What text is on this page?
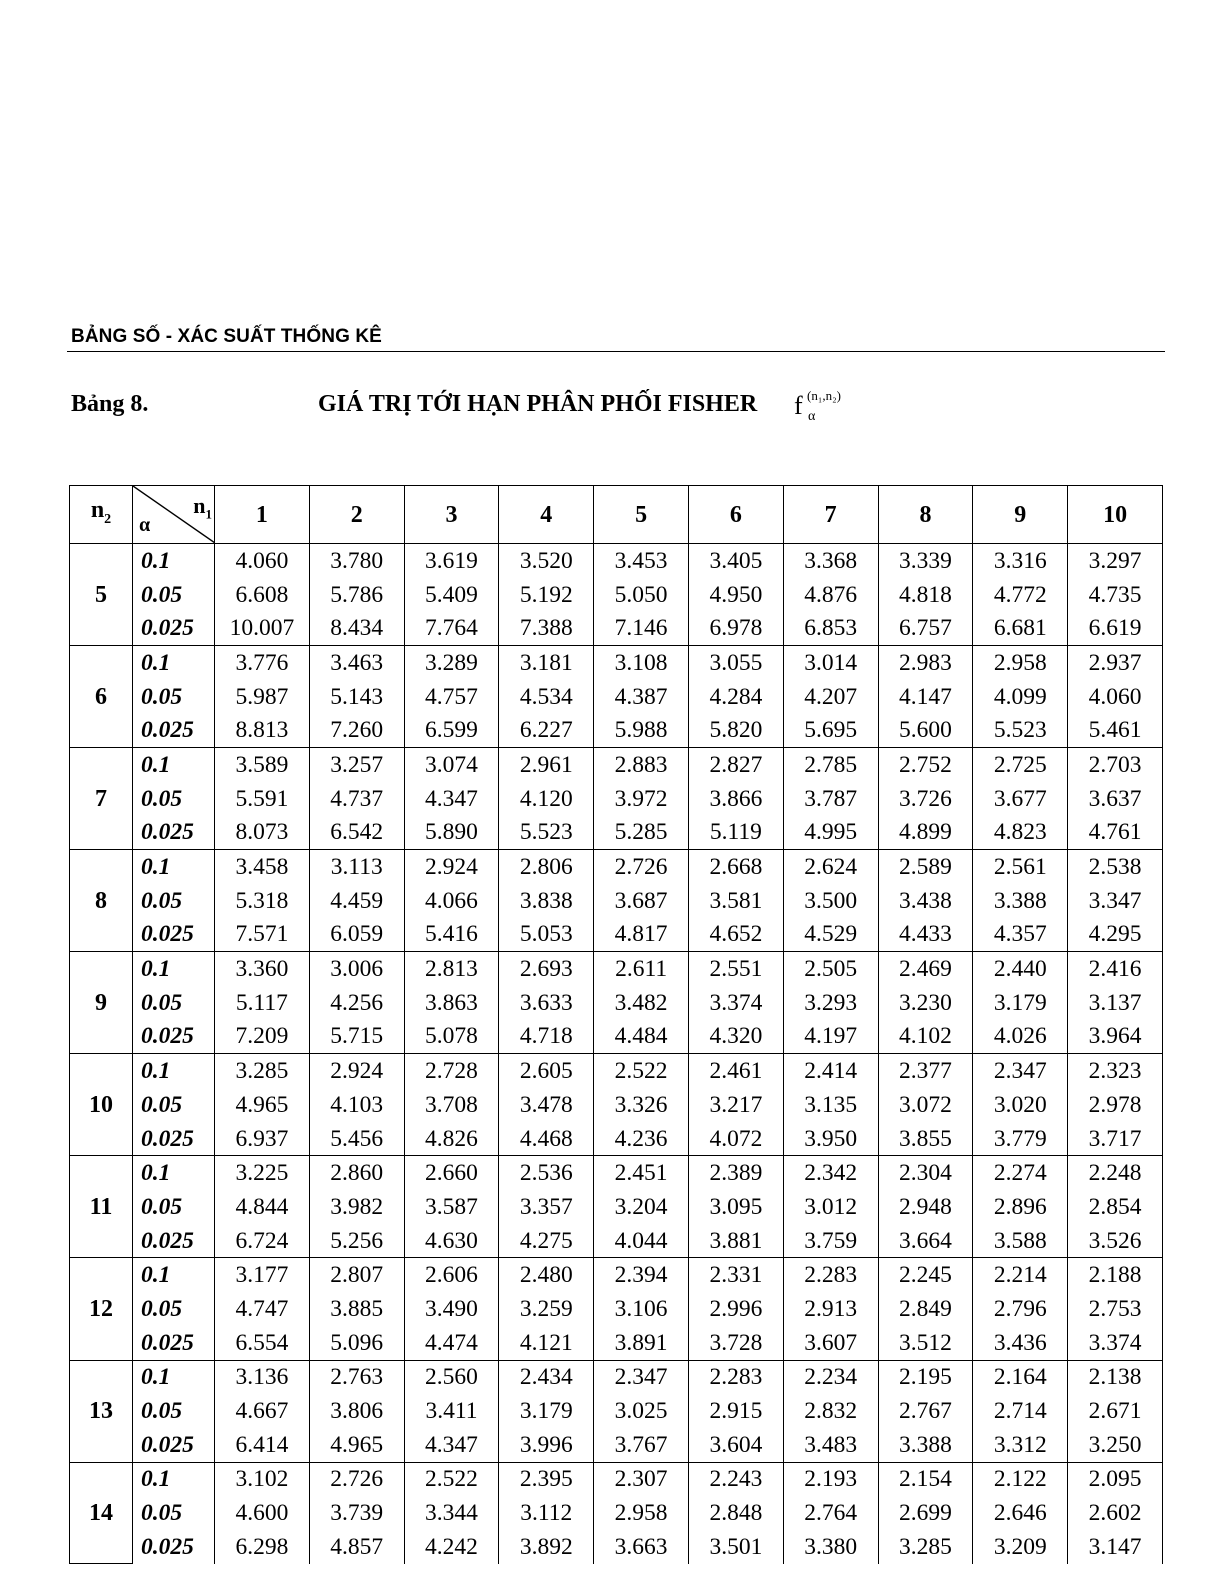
BẢNG SỐ - XÁC SUẤT THỐNG KÊ
Bảng 8.	GIÁ TRỊ TỚI HẠN PHÂN PHỐI FISHER f (n₁,n₂)
α
$n_2$	$n_1$
α	1	2	3	4	5	6	7	8	9	10
5	0.1	4.060	3.780	3.619	3.520	3.453	3.405	3.368	3.339	3.316	3.297
	0.05	6.608	5.786	5.409	5.192	5.050	4.950	4.876	4.818	4.772	4.735
	0.025	10.007	8.434	7.764	7.388	7.146	6.978	6.853	6.757	6.681	6.619
6	0.1	3.776	3.463	3.289	3.181	3.108	3.055	3.014	2.983	2.958	2.937
	0.05	5.987	5.143	4.757	4.534	4.387	4.284	4.207	4.147	4.099	4.060
	0.025	8.813	7.260	6.599	6.227	5.988	5.820	5.695	5.600	5.523	5.461
7	0.1	3.589	3.257	3.074	2.961	2.883	2.827	2.785	2.752	2.725	2.703
	0.05	5.591	4.737	4.347	4.120	3.972	3.866	3.787	3.726	3.677	3.637
	0.025	8.073	6.542	5.890	5.523	5.285	5.119	4.995	4.899	4.823	4.761
8	0.1	3.458	3.113	2.924	2.806	2.726	2.668	2.624	2.589	2.561	2.538
	0.05	5.318	4.459	4.066	3.838	3.687	3.581	3.500	3.438	3.388	3.347
	0.025	7.571	6.059	5.416	5.053	4.817	4.652	4.529	4.433	4.357	4.295
9	0.1	3.360	3.006	2.813	2.693	2.611	2.551	2.505	2.469	2.440	2.416
	0.05	5.117	4.256	3.863	3.633	3.482	3.374	3.293	3.230	3.179	3.137
	0.025	7.209	5.715	5.078	4.718	4.484	4.320	4.197	4.102	4.026	3.964
10	0.1	3.285	2.924	2.728	2.605	2.522	2.461	2.414	2.377	2.347	2.323
	0.05	4.965	4.103	3.708	3.478	3.326	3.217	3.135	3.072	3.020	2.978
	0.025	6.937	5.456	4.826	4.468	4.236	4.072	3.950	3.855	3.779	3.717
11	0.1	3.225	2.860	2.660	2.536	2.451	2.389	2.342	2.304	2.274	2.248
	0.05	4.844	3.982	3.587	3.357	3.204	3.095	3.012	2.948	2.896	2.854
	0.025	6.724	5.256	4.630	4.275	4.044	3.881	3.759	3.664	3.588	3.526
12	0.1	3.177	2.807	2.606	2.480	2.394	2.331	2.283	2.245	2.214	2.188
	0.05	4.747	3.885	3.490	3.259	3.106	2.996	2.913	2.849	2.796	2.753
	0.025	6.554	5.096	4.474	4.121	3.891	3.728	3.607	3.512	3.436	3.374
13	0.1	3.136	2.763	2.560	2.434	2.347	2.283	2.234	2.195	2.164	2.138
	0.05	4.667	3.806	3.411	3.179	3.025	2.915	2.832	2.767	2.714	2.671
	0.025	6.414	4.965	4.347	3.996	3.767	3.604	3.483	3.388	3.312	3.250
14	0.1	3.102	2.726	2.522	2.395	2.307	2.243	2.193	2.154	2.122	2.095
	0.05	4.600	3.739	3.344	3.112	2.958	2.848	2.764	2.699	2.646	2.602
	0.025	6.298	4.857	4.242	3.892	3.663	3.501	3.380	3.285	3.209	3.147
